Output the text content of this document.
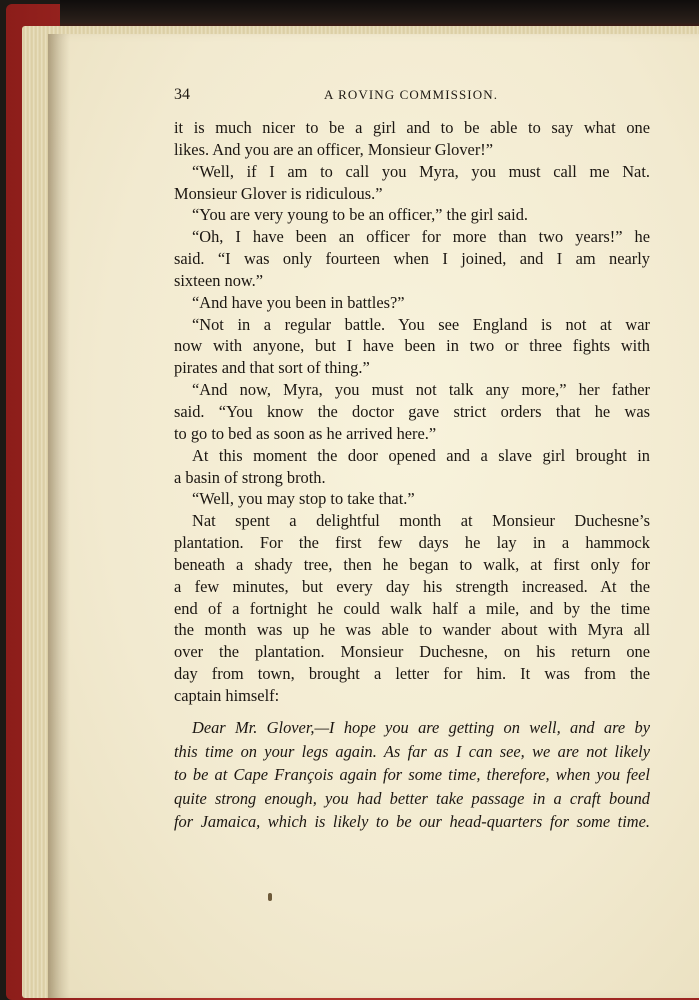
34	A ROVING COMMISSION.
it is much nicer to be a girl and to be able to say what one
likes. And you are an officer, Monsieur Glover!”
“Well, if I am to call you Myra, you must call me Nat.
Monsieur Glover is ridiculous.”
“You are very young to be an officer,” the girl said.
“Oh, I have been an officer for more than two years!” he
said. “I was only fourteen when I joined, and I am nearly
sixteen now.”
“And have you been in battles?”
“Not in a regular battle. You see England is not at war
now with anyone, but I have been in two or three fights with
pirates and that sort of thing.”
“And now, Myra, you must not talk any more,” her father
said. “You know the doctor gave strict orders that he was
to go to bed as soon as he arrived here.”
At this moment the door opened and a slave girl brought in
a basin of strong broth.
“Well, you may stop to take that.”
Nat spent a delightful month at Monsieur Duchesne’s
plantation. For the first few days he lay in a hammock
beneath a shady tree, then he began to walk, at first only for
a few minutes, but every day his strength increased. At the
end of a fortnight he could walk half a mile, and by the time
the month was up he was able to wander about with Myra all
over the plantation. Monsieur Duchesne, on his return one
day from town, brought a letter for him. It was from the
captain himself:
Dear Mr. Glover,—I hope you are getting on well, and are by
this time on your legs again. As far as I can see, we are not likely
to be at Cape François again for some time, therefore, when you feel
quite strong enough, you had better take passage in a craft bound
for Jamaica, which is likely to be our head-quarters for some time.
